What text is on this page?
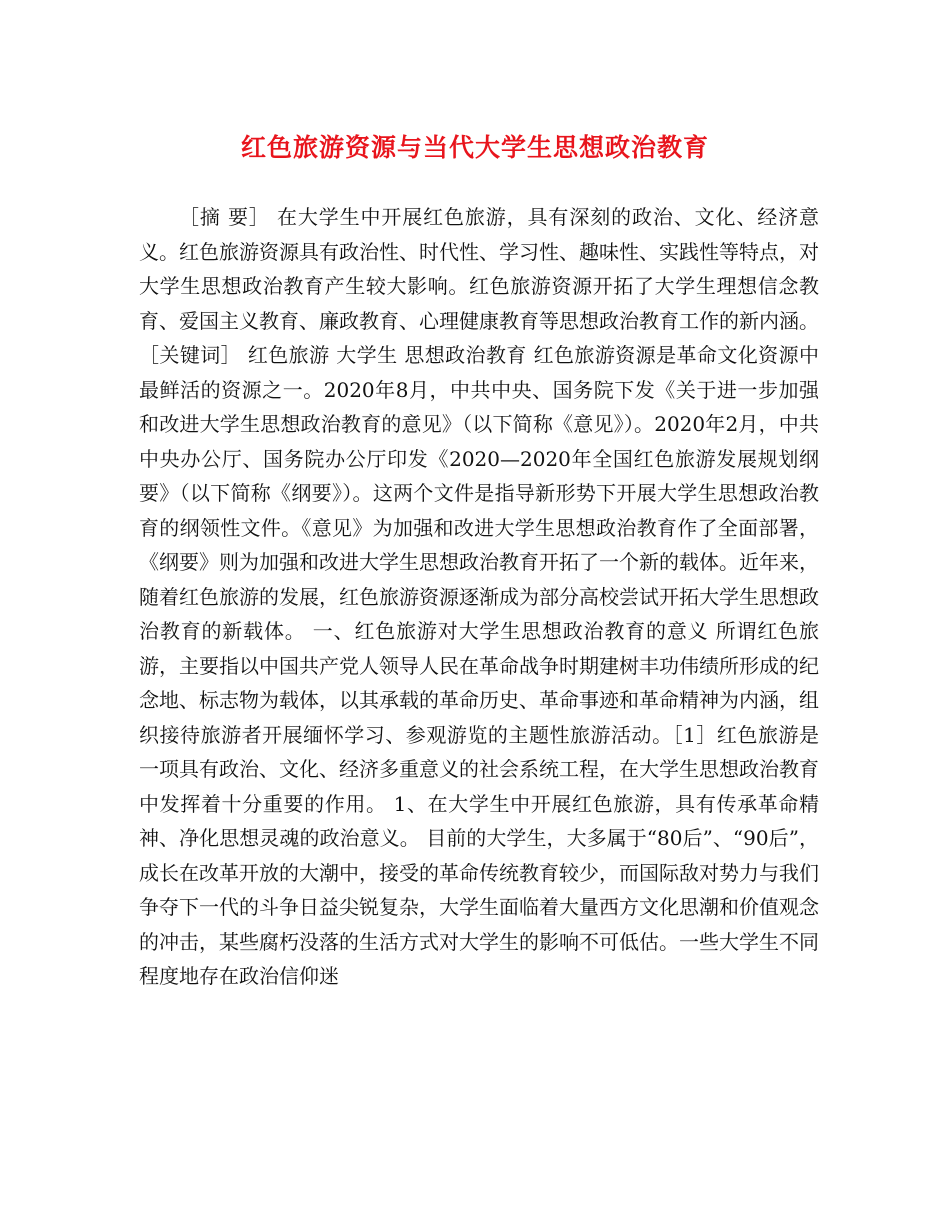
红色旅游资源与当代大学生思想政治教育

［摘 要］ 在大学生中开展红色旅游，具有深刻的政治、文化、经济意义。红色旅游资源具有政治性、时代性、学习性、趣味性、实践性等特点，对大学生思想政治教育产生较大影响。红色旅游资源开拓了大学生理想信念教育、爱国主义教育、廉政教育、心理健康教育等思想政治教育工作的新内涵。 ［关键词］ 红色旅游 大学生 思想政治教育 红色旅游资源是革命文化资源中最鲜活的资源之一。2020年8月，中共中央、国务院下发《关于进一步加强和改进大学生思想政治教育的意见》（以下简称《意见》）。2020年2月，中共中央办公厅、国务院办公厅印发《2020—2020年全国红色旅游发展规划纲要》（以下简称《纲要》）。这两个文件是指导新形势下开展大学生思想政治教育的纲领性文件。《意见》为加强和改进大学生思想政治教育作了全面部署，《纲要》则为加强和改进大学生思想政治教育开拓了一个新的载体。近年来，随着红色旅游的发展，红色旅游资源逐渐成为部分高校尝试开拓大学生思想政治教育的新载体。 一、红色旅游对大学生思想政治教育的意义 所谓红色旅游，主要指以中国共产党人领导人民在革命战争时期建树丰功伟绩所形成的纪念地、标志物为载体，以其承载的革命历史、革命事迹和革命精神为内涵，组织接待旅游者开展缅怀学习、参观游览的主题性旅游活动。［1］红色旅游是一项具有政治、文化、经济多重意义的社会系统工程，在大学生思想政治教育中发挥着十分重要的作用。 1、在大学生中开展红色旅游，具有传承革命精神、净化思想灵魂的政治意义。 目前的大学生，大多属于“80后”、“90后”，成长在改革开放的大潮中，接受的革命传统教育较少，而国际敌对势力与我们争夺下一代的斗争日益尖锐复杂，大学生面临着大量西方文化思潮和价值观念的冲击，某些腐朽没落的生活方式对大学生的影响不可低估。一些大学生不同程度地存在政治信仰迷
